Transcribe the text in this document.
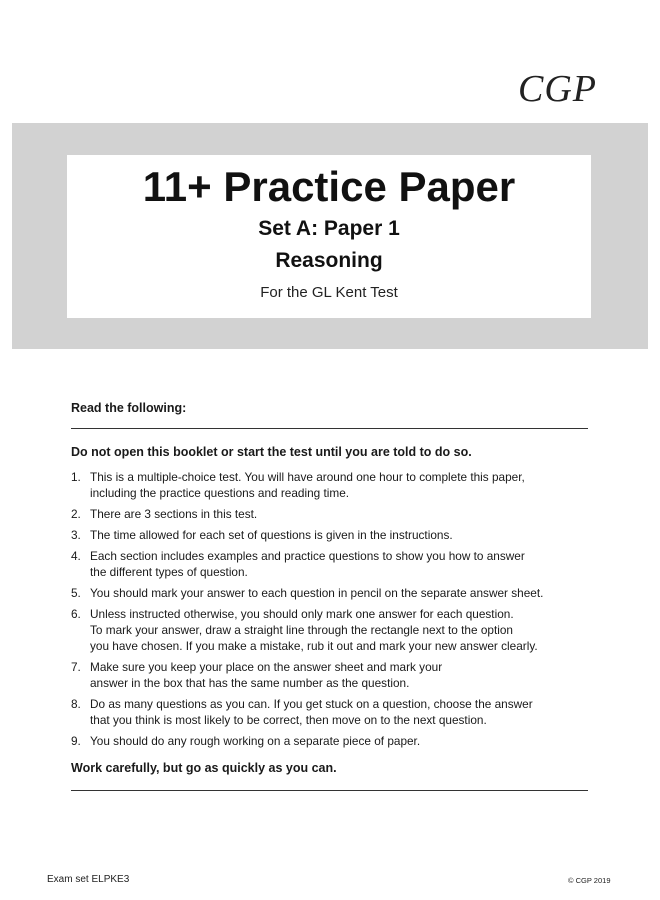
CGP
11+ Practice Paper
Set A: Paper 1
Reasoning
For the GL Kent Test
Read the following:
Do not open this booklet or start the test until you are told to do so.
1. This is a multiple-choice test. You will have around one hour to complete this paper,
including the practice questions and reading time.
2. There are 3 sections in this test.
3. The time allowed for each set of questions is given in the instructions.
4. Each section includes examples and practice questions to show you how to answer
the different types of question.
5. You should mark your answer to each question in pencil on the separate answer sheet.
6. Unless instructed otherwise, you should only mark one answer for each question.
To mark your answer, draw a straight line through the rectangle next to the option
you have chosen. If you make a mistake, rub it out and mark your new answer clearly.
7. Make sure you keep your place on the answer sheet and mark your
answer in the box that has the same number as the question.
8. Do as many questions as you can. If you get stuck on a question, choose the answer
that you think is most likely to be correct, then move on to the next question.
9. You should do any rough working on a separate piece of paper.
Work carefully, but go as quickly as you can.
Exam set ELPKE3	© CGP 2019
